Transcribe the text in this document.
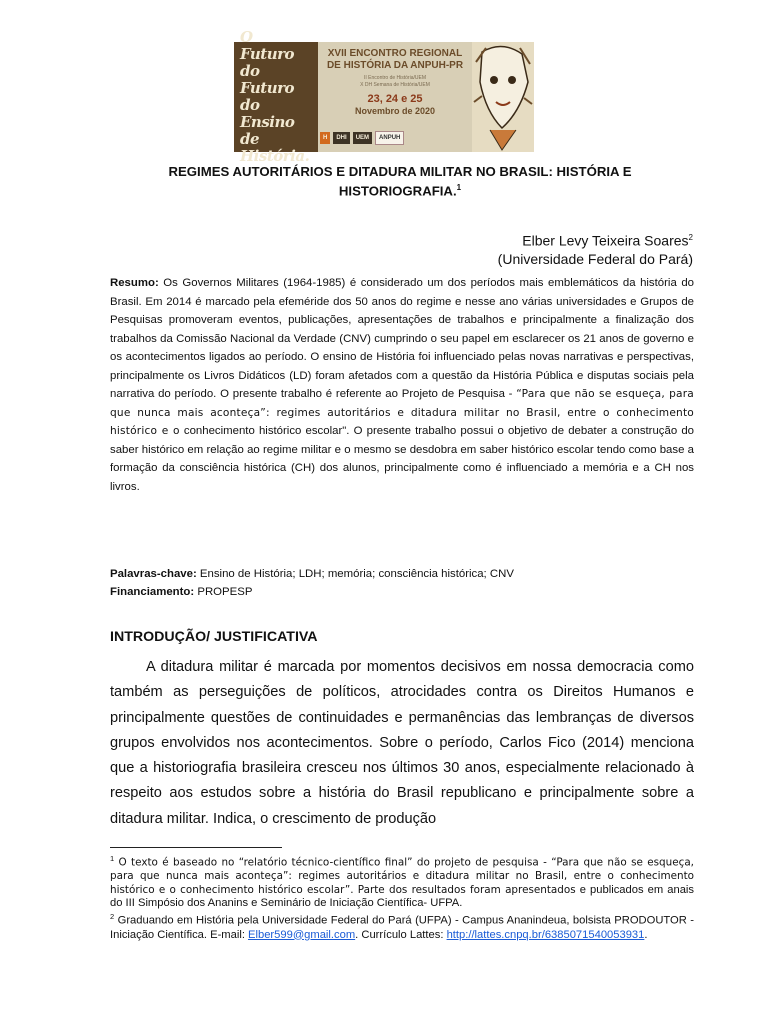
O
Futuro
do Futuro
do Ensino
de História.
XVII ENCONTRO REGIONAL
DE HISTÓRIA DA ANPUH-PR
II Encontro de História/UEM
X DH Semana de História/UEM
23, 24 e 25
Novembro de 2020
H	DHI	UEM	ANPUH
REGIMES AUTORITÁRIOS E DITADURA MILITAR NO BRASIL: HISTÓRIA E HISTORIOGRAFIA.$^1$
Elber Levy Teixeira Soares$^2$
(Universidade Federal do Pará)
Resumo: Os Governos Militares (1964-1985) é considerado um dos períodos mais emblemáticos da história do Brasil. Em 2014 é marcado pela efeméride dos 50 anos do regime e nesse ano várias universidades e Grupos de Pesquisas promoveram eventos, publicações, apresentações de trabalhos e principalmente a finalização dos trabalhos da Comissão Nacional da Verdade (CNV) cumprindo o seu papel em esclarecer os 21 anos de governo e os acontecimentos ligados ao período. O ensino de História foi influenciado pelas novas narrativas e perspectivas, principalmente os Livros Didáticos (LD) foram afetados com a questão da História Pública e disputas sociais pela narrativa do período. O presente trabalho é referente ao Projeto de Pesquisa - “Para que não se esqueça, para que nunca mais aconteça”: regimes autoritários e ditadura militar no Brasil, entre o conhecimento histórico e o conhecimento histórico escolar". O presente trabalho possui o objetivo de debater a construção do saber histórico em relação ao regime militar e o mesmo se desdobra em saber histórico escolar tendo como base a formação da consciência histórica (CH) dos alunos, principalmente como é influenciado a memória e a CH nos livros.
Palavras-chave: Ensino de História; LDH; memória; consciência histórica; CNV
Financiamento: PROPESP
INTRODUÇÃO/ JUSTIFICATIVA
A ditadura militar é marcada por momentos decisivos em nossa democracia como também as perseguições de políticos, atrocidades contra os Direitos Humanos e principalmente questões de continuidades e permanências das lembranças de diversos grupos envolvidos nos acontecimentos. Sobre o período, Carlos Fico (2014) menciona que a historiografia brasileira cresceu nos últimos 30 anos, especialmente relacionado à respeito aos estudos sobre a história do Brasil republicano e principalmente sobre a ditadura militar. Indica, o crescimento de produção

$^1$ O texto é baseado no “relatório técnico-científico final” do projeto de pesquisa - “Para que não se esqueça, para que nunca mais aconteça”: regimes autoritários e ditadura militar no Brasil, entre o conhecimento histórico e o conhecimento histórico escolar”. Parte dos resultados foram apresentados e publicados em anais do III Simpósio dos Ananins e Seminário de Iniciação Científica- UFPA.

$^2$ Graduando em História pela Universidade Federal do Pará (UFPA) - Campus Ananindeua, bolsista PRODOUTOR - Iniciação Científica. E-mail: Elber599@gmail.com. Currículo Lattes: http://lattes.cnpq.br/6385071540053931.
